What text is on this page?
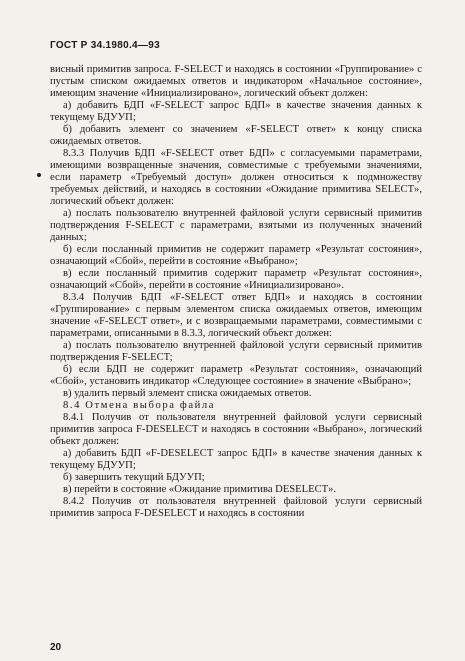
ГОСТ Р 34.1980.4—93

висный примитив запроса. F-SELECT и находясь в состоянии «Группирование» с пустым списком ожидаемых ответов и индикатором «Начальное состояние», имеющим значение «Инициализировано», логический объект должен:

а) добавить БДП «F-SELECT запрос БДП» в качестве значения данных к текущему БДУУП;

б) добавить элемент со значением «F-SELECT ответ» к концу списка ожидаемых ответов.

8.3.3 Получив БДП «F-SELECT ответ БДП» с согласуемыми параметрами, имеющими возвращенные значения, совместимые с требуемыми значениями, если параметр «Требуемый доступ» должен относиться к подмножеству требуемых действий, и находясь в состоянии «Ожидание примитива SELECT», логический объект должен:

а) послать пользователю внутренней файловой услуги сервисный примитив подтверждения F-SELECT с параметрами, взятыми из полученных значений данных;

б) если посланный примитив не содержит параметр «Результат состояния», означающий «Сбой», перейти в состояние «Выбрано»;

в) если посланный примитив содержит параметр «Результат состояния», означающий «Сбой», перейти в состояние «Инициализировано».

8.3.4 Получив БДП «F-SELECT ответ БДП» и находясь в состоянии «Группирование» с первым элементом списка ожидаемых ответов, имеющим значение «F-SELECT ответ», и с возвращаемыми параметрами, совместимыми с параметрами, описанными в 8.3.3, логический объект должен:

а) послать пользователю внутренней файловой услуги сервисный примитив подтверждения F-SELECT;

б) если БДП не содержит параметр «Результат состояния», означающий «Сбой», установить индикатор «Следующее состояние» в значение «Выбрано»;

в) удалить первый элемент списка ожидаемых ответов.

8.4 Отмена выбора файла

8.4.1 Получив от пользователя внутренней файловой услуги сервисный примитив запроса F-DESELECT и находясь в состоянии «Выбрано», логический объект должен:

а) добавить БДП «F-DESELECT запрос БДП» в качестве значения данных к текущему БДУУП;

б) завершить текущий БДУУП;

в) перейти в состояние «Ожидание примитива DESELECT».

8.4.2 Получив от пользователя внутренней файловой услуги сервисный примитив запроса F-DESELECT и находясь в состоянии

20
